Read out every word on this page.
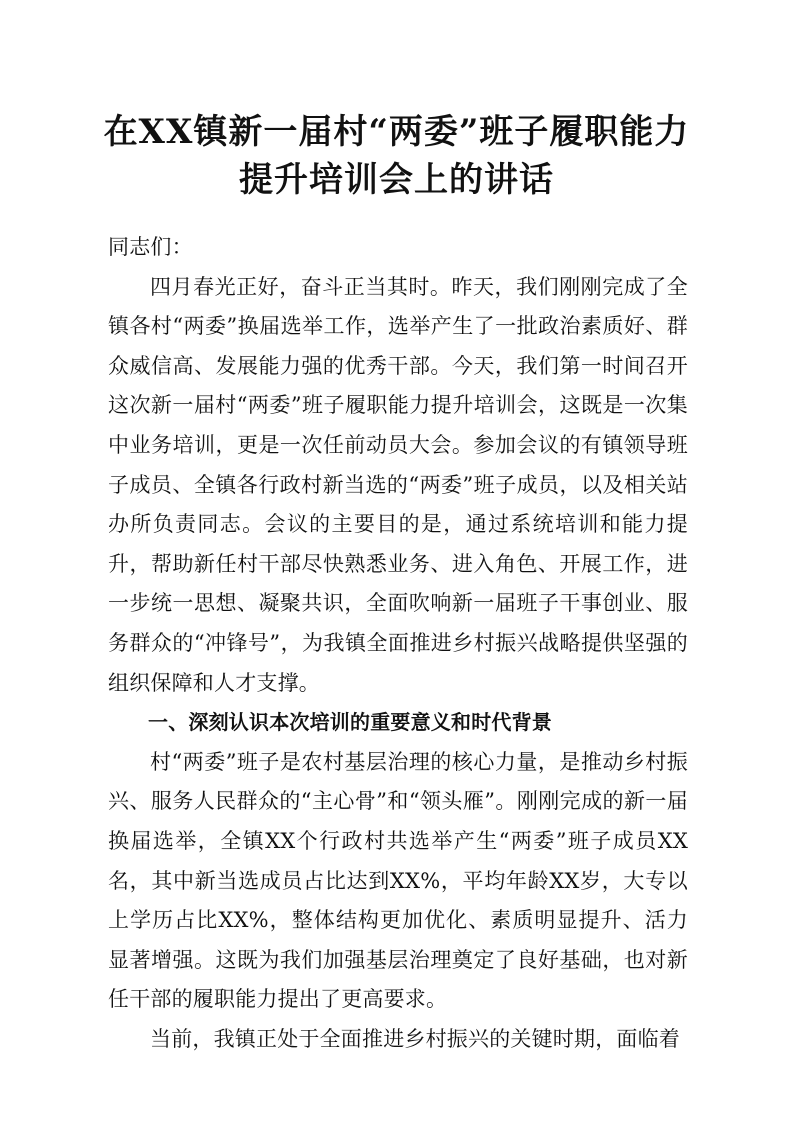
在XX镇新一届村“两委”班子履职能力
提升培训会上的讲话

同志们：

四月春光正好，奋斗正当其时。昨天，我们刚刚完成了全镇各村“两委”换届选举工作，选举产生了一批政治素质好、群众威信高、发展能力强的优秀干部。今天，我们第一时间召开这次新一届村“两委”班子履职能力提升培训会，这既是一次集中业务培训，更是一次任前动员大会。参加会议的有镇领导班子成员、全镇各行政村新当选的“两委”班子成员，以及相关站办所负责同志。会议的主要目的是，通过系统培训和能力提升，帮助新任村干部尽快熟悉业务、进入角色、开展工作，进一步统一思想、凝聚共识，全面吹响新一届班子干事创业、服务群众的“冲锋号”，为我镇全面推进乡村振兴战略提供坚强的组织保障和人才支撑。

一、深刻认识本次培训的重要意义和时代背景

村“两委”班子是农村基层治理的核心力量，是推动乡村振兴、服务人民群众的“主心骨”和“领头雁”。刚刚完成的新一届换届选举，全镇XX个行政村共选举产生“两委”班子成员XX名，其中新当选成员占比达到XX%，平均年龄XX岁，大专以上学历占比XX%，整体结构更加优化、素质明显提升、活力显著增强。这既为我们加强基层治理奠定了良好基础，也对新任干部的履职能力提出了更高要求。

当前，我镇正处于全面推进乡村振兴的关键时期，面临着
